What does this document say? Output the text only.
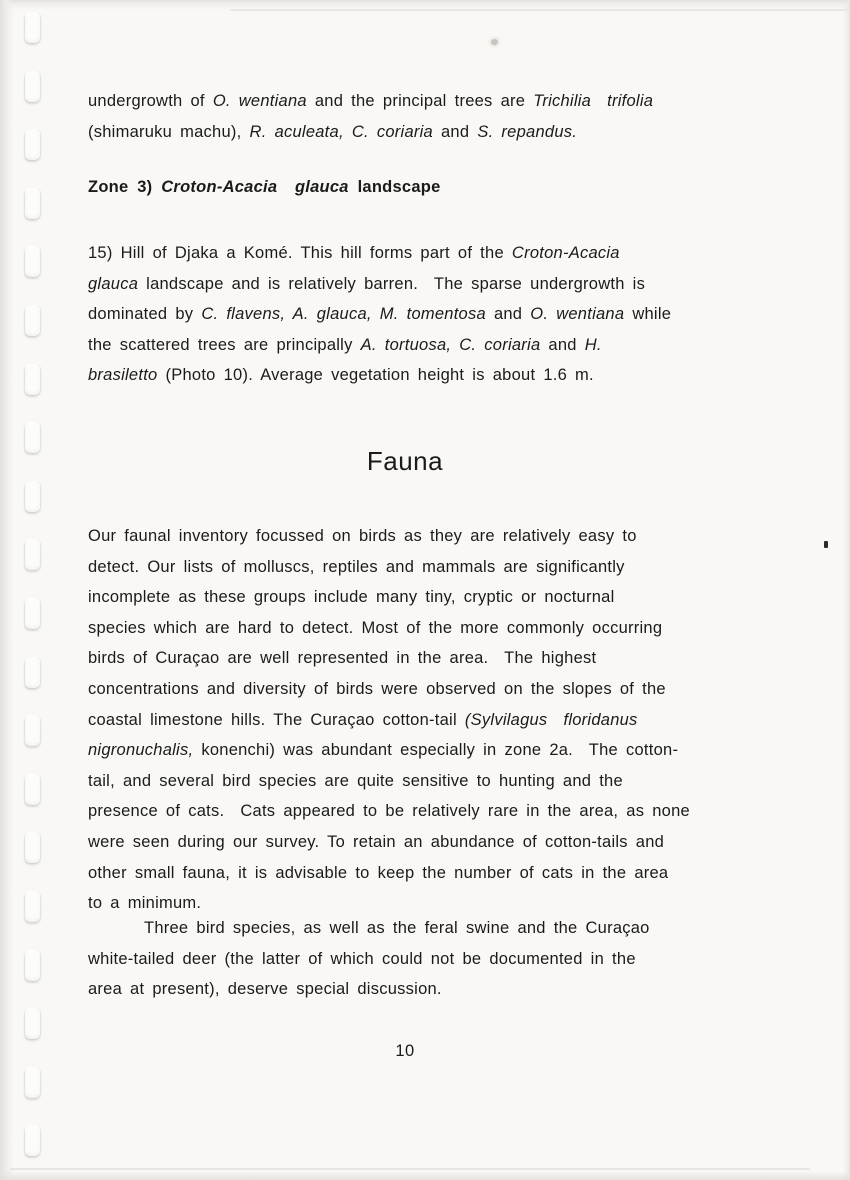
undergrowth of O. wentiana and the principal trees are Trichilia  trifolia
(shimaruku machu), R. aculeata, C. coriaria and S. repandus.
Zone 3) Croton-Acacia  glauca landscape
15) Hill of Djaka a Komé. This hill forms part of the Croton-Acacia
glauca landscape and is relatively barren.  The sparse undergrowth is
dominated by C. flavens, A. glauca, M. tomentosa and O. wentiana while
the scattered trees are principally A. tortuosa, C. coriaria and H.
brasiletto (Photo 10). Average vegetation height is about 1.6 m.
Fauna
Our faunal inventory focussed on birds as they are relatively easy to
detect. Our lists of molluscs, reptiles and mammals are significantly
incomplete as these groups include many tiny, cryptic or nocturnal
species which are hard to detect. Most of the more commonly occurring
birds of Curaçao are well represented in the area.  The highest
concentrations and diversity of birds were observed on the slopes of the
coastal limestone hills. The Curaçao cotton-tail (Sylvilagus  floridanus
nigronuchalis, konenchi) was abundant especially in zone 2a.  The cotton-
tail, and several bird species are quite sensitive to hunting and the
presence of cats.  Cats appeared to be relatively rare in the area, as none
were seen during our survey. To retain an abundance of cotton-tails and
other small fauna, it is advisable to keep the number of cats in the area
to a minimum.
Three bird species, as well as the feral swine and the Curaçao
white-tailed deer (the latter of which could not be documented in the
area at present), deserve special discussion.
10
